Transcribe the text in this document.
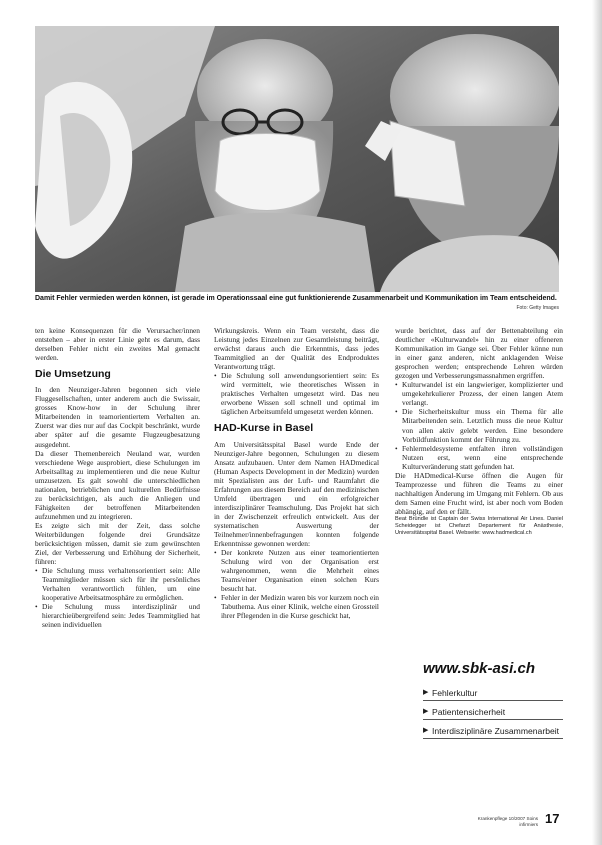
Damit Fehler vermieden werden können, ist gerade im Operationssaal eine gut funktionierende Zusammenarbeit und Kommunikation im Team entscheidend.
Foto: Getty Images

ten keine Konsequenzen für die Verursacher/innen entstehen – aber in erster Linie geht es darum, dass derselben Fehler nicht ein zweites Mal gemacht werden.

Die Umsetzung

In den Neunziger-Jahren begonnen sich viele Fluggesellschaften, unter anderem auch die Swissair, grosses Know-how in der Schulung ihrer Mitarbeitenden in teamorientiertem Verhalten an. Zuerst war dies nur auf das Cockpit beschränkt, wurde aber später auf die gesamte Flugzeugbesatzung ausgedehnt.

Da dieser Themenbereich Neuland war, wurden verschiedene Wege ausprobiert, diese Schulungen im Arbeitsalltag zu implementieren und die neue Kultur umzusetzen. Es galt sowohl die unterschiedlichen nationalen, betrieblichen und kulturellen Bedürfnisse zu berücksichtigen, als auch die Anliegen und Fähigkeiten der betroffenen Mitarbeitenden aufzunehmen und zu integrieren.

Es zeigte sich mit der Zeit, dass solche Weiterbildungen folgende drei Grundsätze berücksichtigen müssen, damit sie zum gewünschten Ziel, der Verbesserung und Erhöhung der Sicherheit, führen:

• Die Schulung muss verhaltensorientiert sein: Alle Teammitglieder müssen sich für ihr persönliches Verhalten verantwortlich fühlen, um eine kooperative Arbeitsatmosphäre zu ermöglichen.
• Die Schulung muss interdisziplinär und hierarchieübergreifend sein: Jedes Teammitglied hat seinen individuellen

Wirkungskreis. Wenn ein Team versteht, dass die Leistung jedes Einzelnen zur Gesamtleistung beiträgt, erwächst daraus auch die Erkenntnis, dass jedes Teammitglied an der Qualität des Endproduktes Verantwortung trägt.

• Die Schulung soll anwendungsorientiert sein: Es wird vermittelt, wie theoretisches Wissen in praktisches Verhalten umgesetzt wird. Das neu erworbene Wissen soll schnell und optimal im täglichen Arbeitsumfeld umgesetzt werden können.
HAD-Kurse in Basel

Am Universitätsspital Basel wurde Ende der Neunziger-Jahre begonnen, Schulungen zu diesem Ansatz aufzubauen. Unter dem Namen HADmedical (Human Aspects Development in der Medizin) wurden mit Spezialisten aus der Luft- und Raumfahrt die Erfahrungen aus diesem Bereich auf den medizinischen Umfeld übertragen und ein erfolgreicher interdisziplinärer Teamschulung. Das Projekt hat sich in der Zwischenzeit erfreulich entwickelt. Aus der systematischen Auswertung der Teilnehmer/innenbefragungen konnten folgende Erkenntnisse gewonnen werden:

• Der konkrete Nutzen aus einer teamorientierten Schulung wird von der Organisation erst wahrgenommen, wenn die Mehrheit eines Teams/einer Organisation einen solchen Kurs besucht hat.
• Fehler in der Medizin waren bis vor kurzem noch ein Tabuthema. Aus einer Klinik, welche einen Grossteil ihrer Pflegenden in die Kurse geschickt hat,

wurde berichtet, dass auf der Bettenabteilung ein deutlicher «Kulturwandel» hin zu einer offeneren Kommunikation im Gange sei. Über Fehler könne nun in einer ganz anderen, nicht anklagenden Weise gesprochen werden; entsprechende Lehren würden gezogen und Verbesserungsmassnahmen ergriffen.

• Kulturwandel ist ein langwieriger, komplizierter und umgekehrkulierer Prozess, der einen langen Atem verlangt.
• Die Sicherheitskultur muss ein Thema für alle Mitarbeitenden sein. Letztlich muss die neue Kultur von allen aktiv gelebt werden. Eine besondere Vorbildfunktion kommt der Führung zu.
• Fehlermeldesysteme entfalten ihren vollständigen Nutzen erst, wenn eine entsprechende Kulturveränderung statt gefunden hat.

Die HADmedical-Kurse öffnen die Augen für Teamprozesse und führen die Teams zu einer nachhaltigen Änderung im Umgang mit Fehlern. Ob aus dem Samen eine Frucht wird, ist aber noch vom Boden abhängig, auf den er fällt.

Beat Bründle ist Captain der Swiss International Air Lines. Daniel Scheidegger ist Chefarzt Departement für Anästhesie, Universitätsspital Basel. Webseite: www.hadmedical.ch

www.sbk-asi.ch
▶ Fehlerkultur
▶ Patientensicherheit
▶ Interdisziplinäre Zusammenarbeit
Krankenpflege 10/2007 Soins infirmiers 17
